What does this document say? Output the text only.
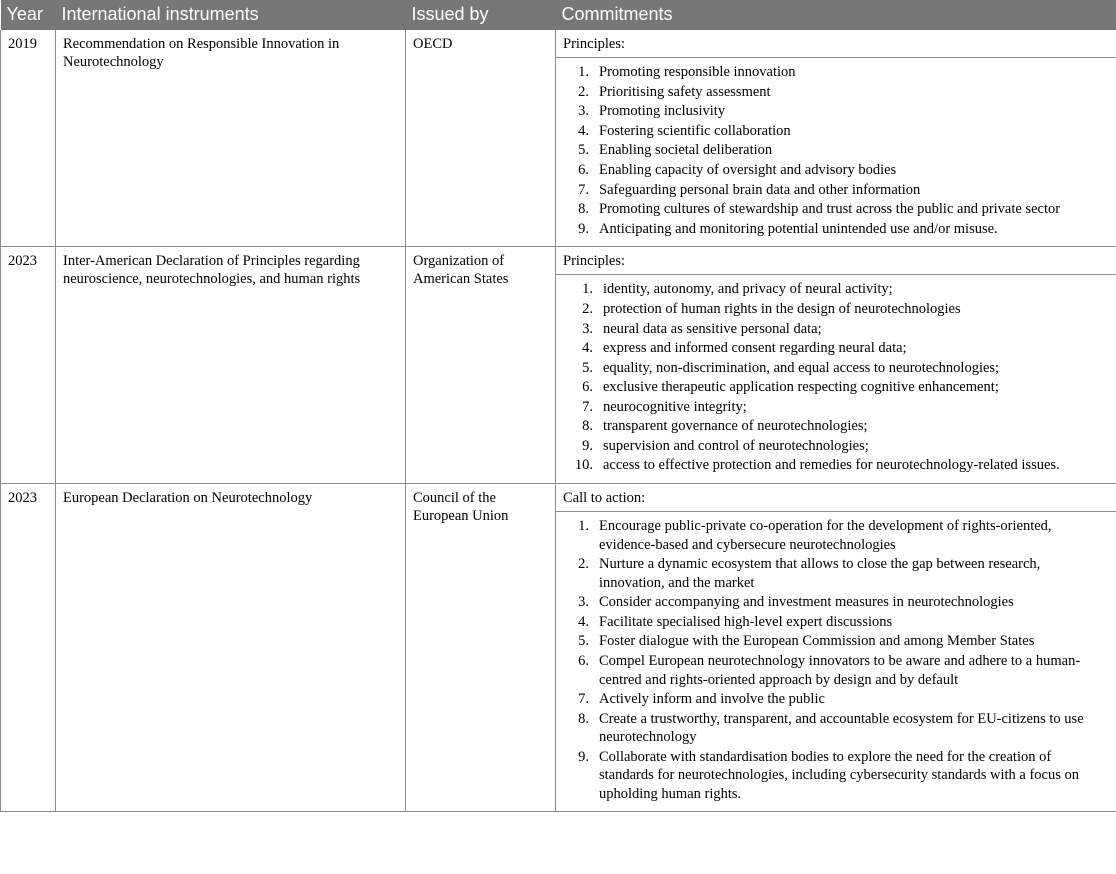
Year	International instruments	Issued by	Commitments
2019	Recommendation on Responsible Innovation in Neurotechnology	OECD	Principles:
Promoting responsible innovation
Prioritising safety assessment
Promoting inclusivity
Fostering scientific collaboration
Enabling societal deliberation
Enabling capacity of oversight and advisory bodies
Safeguarding personal brain data and other information
Promoting cultures of stewardship and trust across the public and private sector
Anticipating and monitoring potential unintended use and/or misuse.

2023	Inter-American Declaration of Principles regarding neuroscience, neurotechnologies, and human rights	Organization of American States	
Principles:
identity, autonomy, and privacy of neural activity;
protection of human rights in the design of neurotechnologies
neural data as sensitive personal data;
express and informed consent regarding neural data;
equality, non-discrimination, and equal access to neurotechnologies;
exclusive therapeutic application respecting cognitive enhancement;
neurocognitive integrity;
transparent governance of neurotechnologies;
supervision and control of neurotechnologies;
access to effective protection and remedies for neurotechnology-related issues.

2023	European Declaration on Neurotechnology	Council of the European Union	
Call to action:
Encourage public-private co-operation for the development of rights-oriented, evidence-based and cybersecure neurotechnologies
Nurture a dynamic ecosystem that allows to close the gap between research, innovation, and the market
Consider accompanying and investment measures in neurotechnologies
Facilitate specialised high-level expert discussions
Foster dialogue with the European Commission and among Member States
Compel European neurotechnology innovators to be aware and adhere to a human-centred and rights-oriented approach by design and by default
Actively inform and involve the public
Create a trustworthy, transparent, and accountable ecosystem for EU-citizens to use neurotechnology
Collaborate with standardisation bodies to explore the need for the creation of standards for neurotechnologies, including cybersecurity standards with a focus on upholding human rights.
